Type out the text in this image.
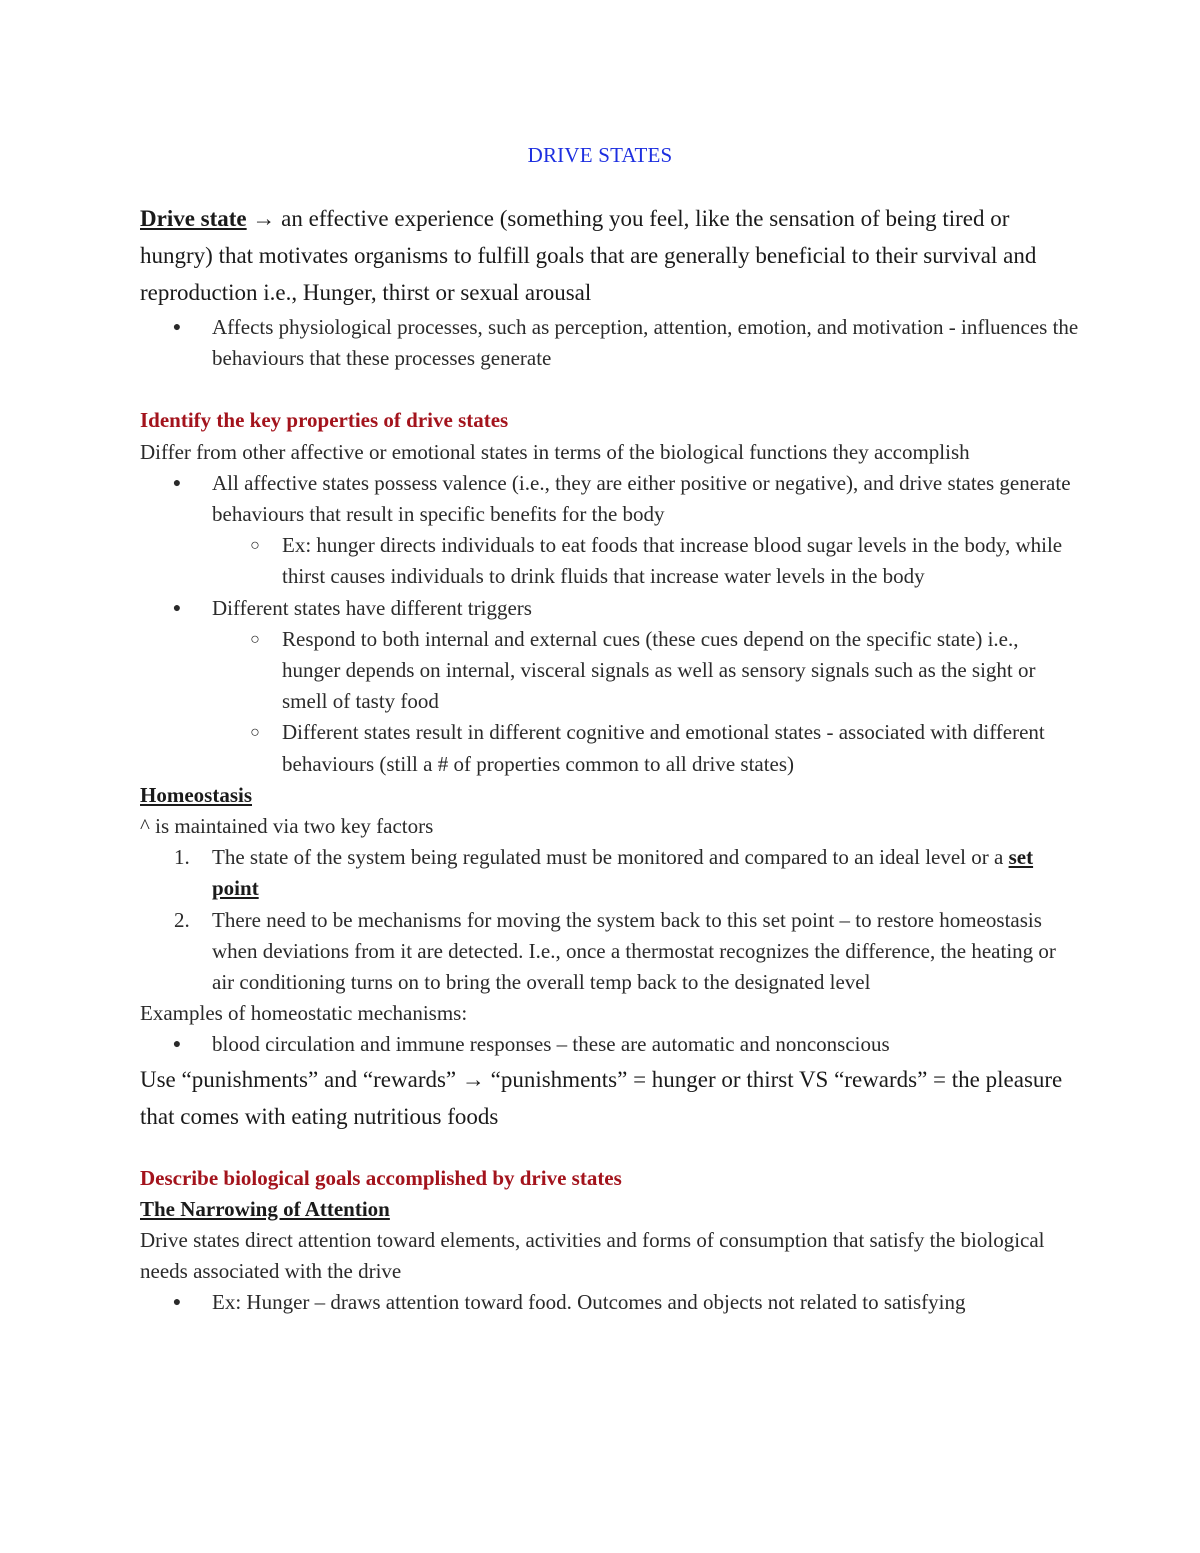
DRIVE STATES
Drive state → an effective experience (something you feel, like the sensation of being tired or hungry) that motivates organisms to fulfill goals that are generally beneficial to their survival and reproduction i.e., Hunger, thirst or sexual arousal
● Affects physiological processes, such as perception, attention, emotion, and motivation - influences the behaviours that these processes generate

Identify the key properties of drive states

Differ from other affective or emotional states in terms of the biological functions they accomplish

● All affective states possess valence (i.e., they are either positive or negative), and drive states generate behaviours that result in specific benefits for the body
○ Ex: hunger directs individuals to eat foods that increase blood sugar levels in the body, while thirst causes individuals to drink fluids that increase water levels in the body
● Different states have different triggers
○ Respond to both internal and external cues (these cues depend on the specific state) i.e., hunger depends on internal, visceral signals as well as sensory signals such as the sight or smell of tasty food
○ Different states result in different cognitive and emotional states - associated with different behaviours (still a # of properties common to all drive states)

Homeostasis

^ is maintained via two key factors

1. The state of the system being regulated must be monitored and compared to an ideal level or a set point
2. There need to be mechanisms for moving the system back to this set point – to restore homeostasis when deviations from it are detected. I.e., once a thermostat recognizes the difference, the heating or air conditioning turns on to bring the overall temp back to the designated level

Examples of homeostatic mechanisms:

● blood circulation and immune responses – these are automatic and nonconscious

Use “punishments” and “rewards” → “punishments” = hunger or thirst VS “rewards” = the pleasure that comes with eating nutritious foods

Describe biological goals accomplished by drive states

The Narrowing of Attention

Drive states direct attention toward elements, activities and forms of consumption that satisfy the biological needs associated with the drive

● Ex: Hunger – draws attention toward food. Outcomes and objects not related to satisfying
